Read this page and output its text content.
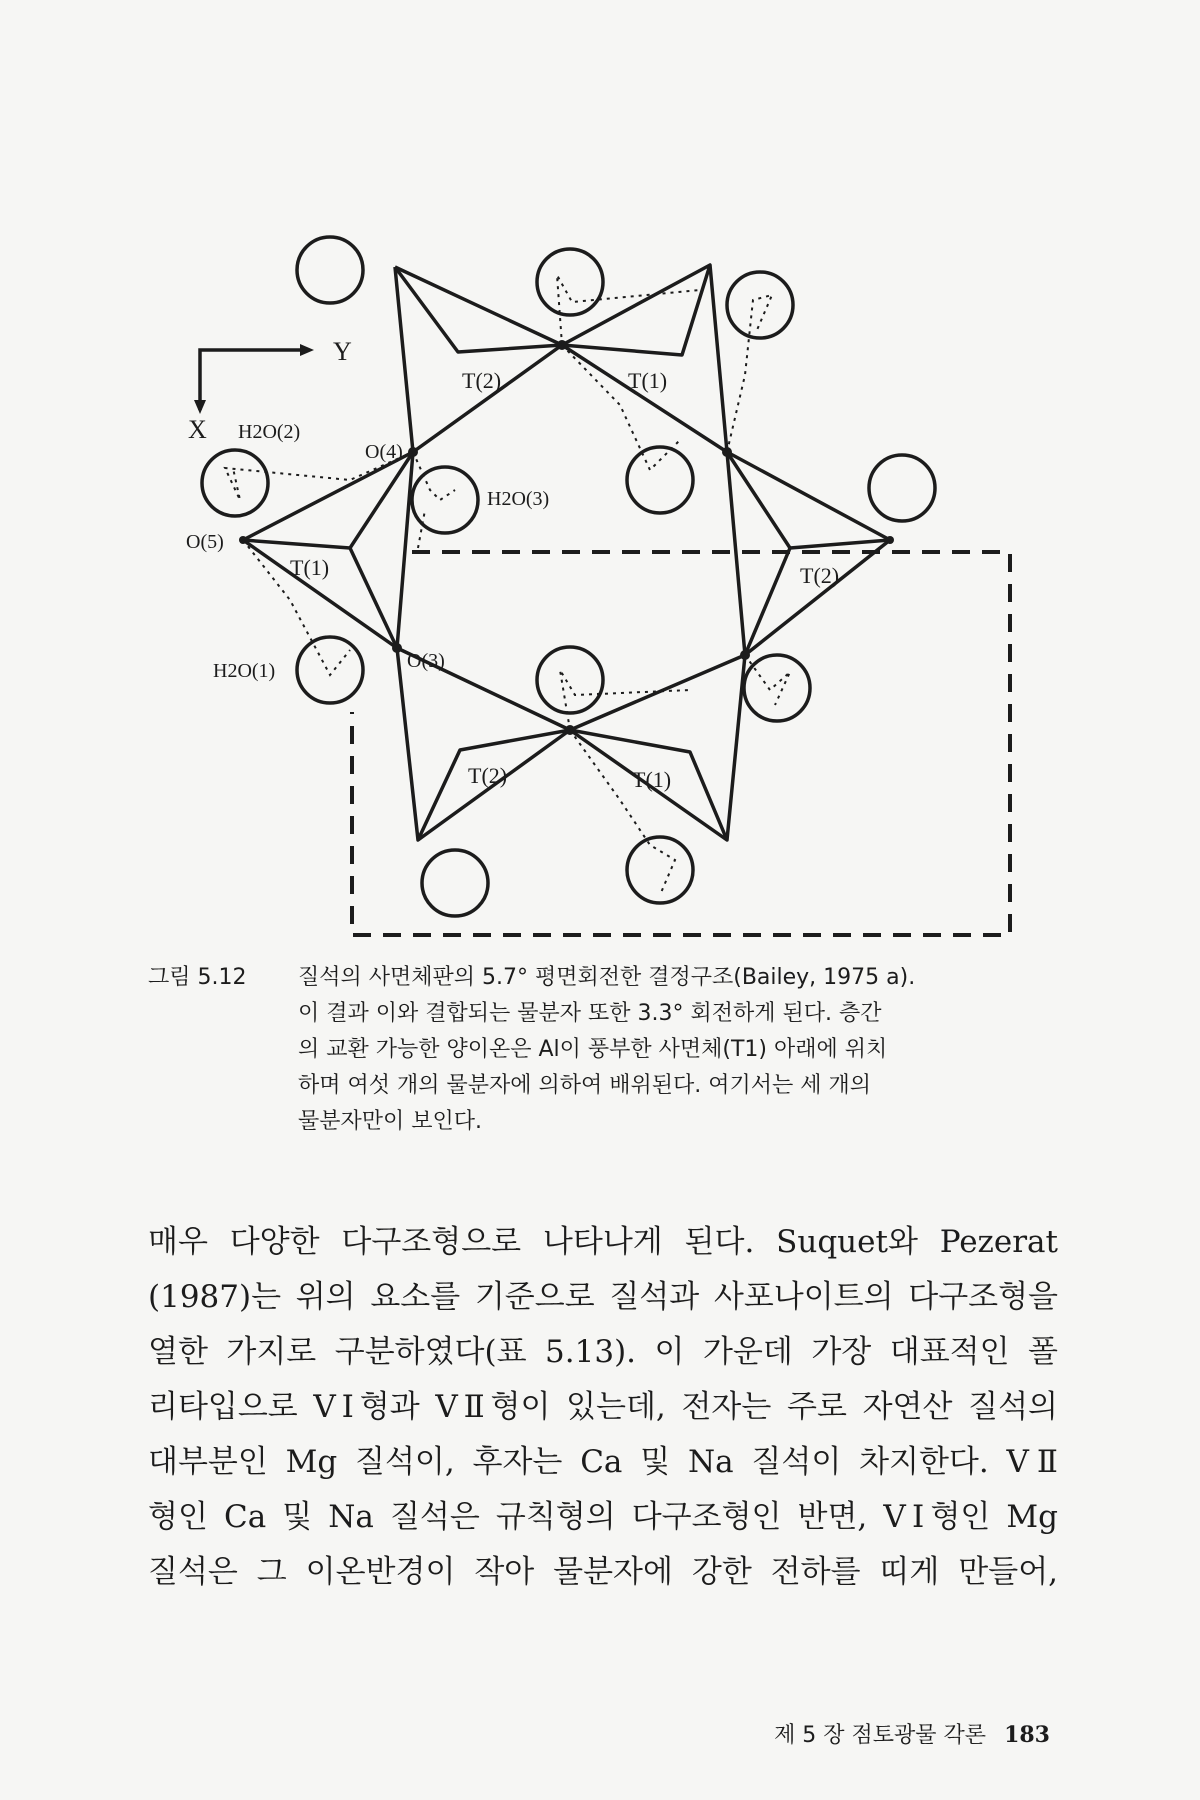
Y
X
T(2)	T(1)
H2O(2)
O(4)
H2O(3)
O(5)
T(1)	T(2)
H2O(1)	O(3)
T(2)	T(1)
그림 5.12	질석의 사면체판의 5.7° 평면회전한 결정구조(Bailey, 1975 a).
이 결과 이와 결합되는 물분자 또한 3.3° 회전하게 된다. 층간
의 교환 가능한 양이온은 Al이 풍부한 사면체(T1) 아래에 위치
하며 여섯 개의 물분자에 의하여 배위된다. 여기서는 세 개의
물분자만이 보인다.
매우 다양한 다구조형으로 나타나게 된다. Suquet와 Pezerat
(1987)는 위의 요소를 기준으로 질석과 사포나이트의 다구조형을
열한 가지로 구분하였다(표 5.13). 이 가운데 가장 대표적인 폴
리타입으로 VⅠ형과 VⅡ형이 있는데, 전자는 주로 자연산 질석의
대부분인 Mg 질석이, 후자는 Ca 및 Na 질석이 차지한다. VⅡ
형인 Ca 및 Na 질석은 규칙형의 다구조형인 반면, VⅠ형인 Mg
질석은 그 이온반경이 작아 물분자에 강한 전하를 띠게 만들어,
제 5 장 점토광물 각론 183
